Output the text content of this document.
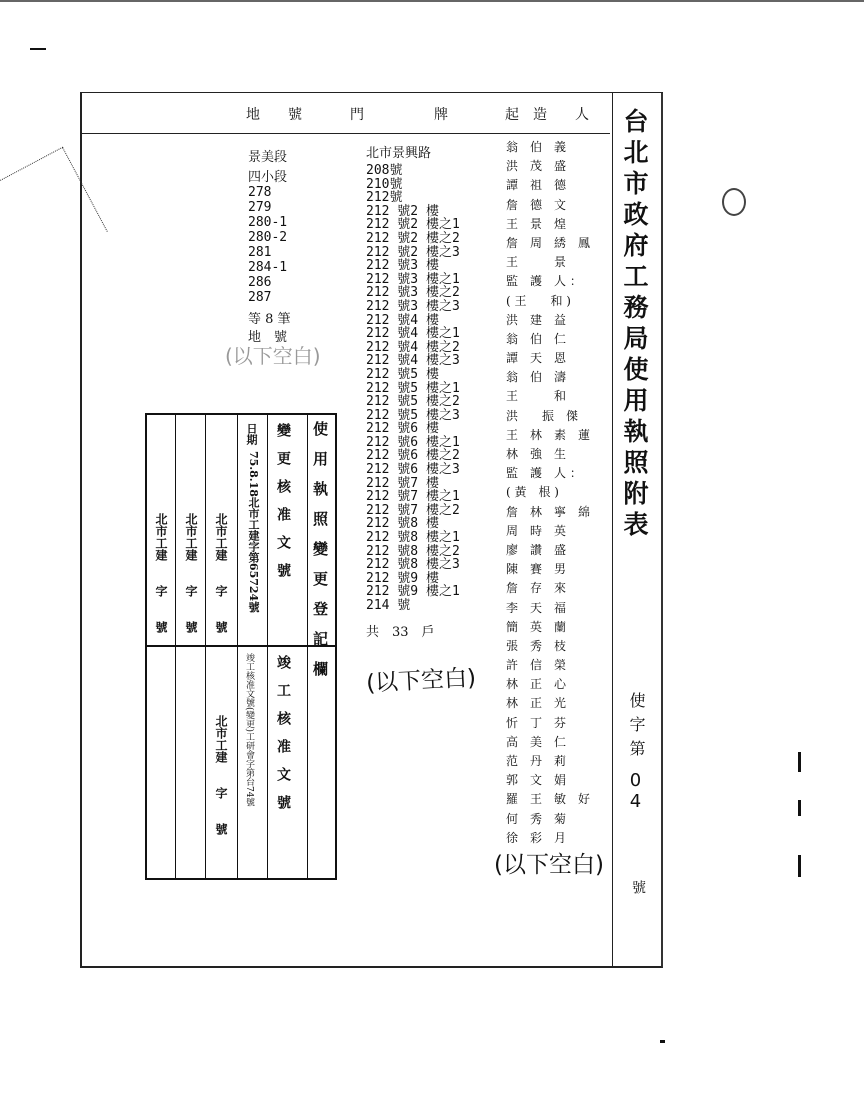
地　　號	門　　　　　牌	起　造　　人 台北市政府工務局使用執照附表
使字第
04
號
景美段
四小段
278
279
280-1
280-2
281
284-1
286
287
等 8 筆
地　號
北市景興路
208號
210號
212號
212 號2 樓
212 號2 樓之1
212 號2 樓之2
212 號2 樓之3
212 號3 樓
212 號3 樓之1
212 號3 樓之2
212 號3 樓之3
212 號4 樓
212 號4 樓之1
212 號4 樓之2
212 號4 樓之3
212 號5 樓
212 號5 樓之1
212 號5 樓之2
212 號5 樓之3
212 號6 樓
212 號6 樓之1
212 號6 樓之2
212 號6 樓之3
212 號7 樓
212 號7 樓之1
212 號7 樓之2
212 號8 樓
212 號8 樓之1
212 號8 樓之2
212 號8 樓之3
212 號9 樓
212 號9 樓之1
214 號
共　33　戶
(以下空白)
翁　伯　義
洪　茂　盛
譚　祖　德
詹　德　文
王　景　煌
詹　周　綉　鳳
王　　　景
監　護　人 ：
( 王　　和 )
洪　建　益
翁　伯　仁
譚　天　恩
翁　伯　濤
王　　　和
洪　　振　傑
王　林　素　蓮
林　強　生
監　護　人 ：
( 黃　根 )
詹　林　寧　綿
周　時　英
廖　讚　盛
陳　賽　男
詹　存　來
李　天　福
簡　英　蘭
張　秀　枝
許　信　榮
林　正　心
林　正　光
忻　丁　芬
高　美　仁
范　丹　莉
郭　文　娟
羅　王　敏　好
何　秀　菊
徐　彩　月
(以下空白)
使　用　執　照　變　更　登　記　欄
變　更　核　准　文　號
竣　工　核　准　文　號
日期
75.8.18北市工建字第65724號
竣工核准文號(變更)工研會字第台74號
北市工建　　字　　號
北市工建　　字　　號
北市工建　　字　　號
北市工建　　字　　號
(以下空白)
